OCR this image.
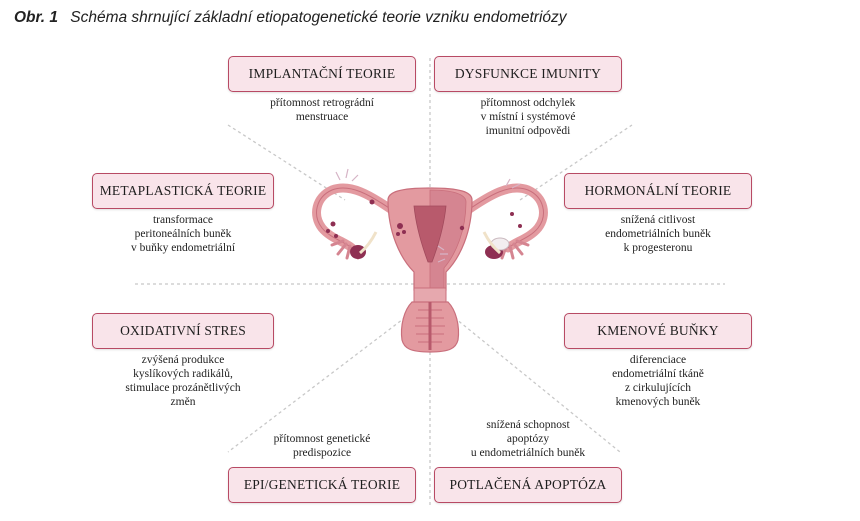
Obr. 1 Schéma shrnující základní etiopatogenetické teorie vzniku endometriózy
IMPLANTAČNÍ TEORIE
přítomnost retrográdní
menstruace
DYSFUNKCE IMUNITY
přítomnost odchylek
v místní i systémové
imunitní odpovědi
METAPLASTICKÁ TEORIE
transformace
peritoneálních buněk
v buňky endometriální
HORMONÁLNÍ TEORIE
snížená citlivost
endometriálních buněk
k progesteronu
OXIDATIVNÍ STRES
zvýšená produkce
kyslíkových radikálů,
stimulace prozánětlivých
změn
KMENOVÉ BUŇKY
diferenciace
endometriální tkáně
z cirkulujících
kmenových buněk
přítomnost genetické
predispozice
EPI/GENETICKÁ TEORIE
snížená schopnost
apoptózy
u endometriálních buněk
POTLAČENÁ APOPTÓZA
